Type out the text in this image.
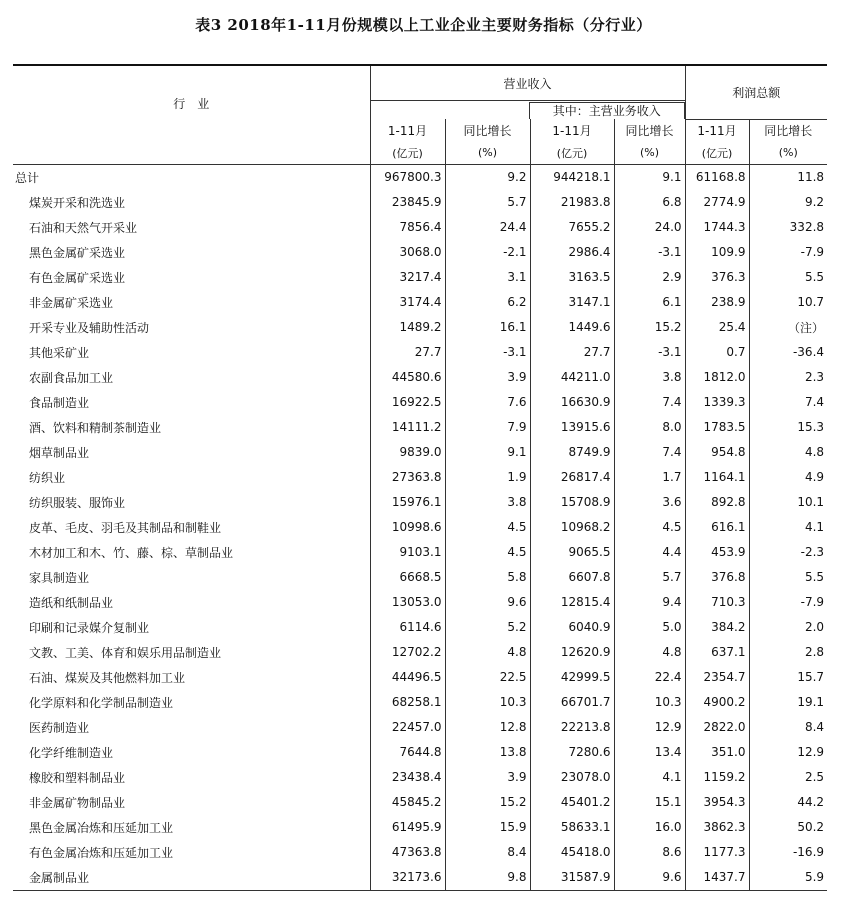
表3 2018年1-11月份规模以上工业企业主要财务指标（分行业）
行　业	营业收入				利润总额	

			其中：主营业务收入			

	1-11月	同比增长	1-11月	同比增长	1-11月	同比增长
	(亿元)	(%)	(亿元)	(%)	(亿元)	(%)
总计	967800.3	9.2	944218.1	9.1	61168.8	11.8
煤炭开采和洗选业	23845.9	5.7	21983.8	6.8	2774.9	9.2
石油和天然气开采业	7856.4	24.4	7655.2	24.0	1744.3	332.8
黑色金属矿采选业	3068.0	-2.1	2986.4	-3.1	109.9	-7.9
有色金属矿采选业	3217.4	3.1	3163.5	2.9	376.3	5.5
非金属矿采选业	3174.4	6.2	3147.1	6.1	238.9	10.7
开采专业及辅助性活动	1489.2	16.1	1449.6	15.2	25.4	（注）
其他采矿业	27.7	-3.1	27.7	-3.1	0.7	-36.4
农副食品加工业	44580.6	3.9	44211.0	3.8	1812.0	2.3
食品制造业	16922.5	7.6	16630.9	7.4	1339.3	7.4
酒、饮料和精制茶制造业	14111.2	7.9	13915.6	8.0	1783.5	15.3
烟草制品业	9839.0	9.1	8749.9	7.4	954.8	4.8
纺织业	27363.8	1.9	26817.4	1.7	1164.1	4.9
纺织服装、服饰业	15976.1	3.8	15708.9	3.6	892.8	10.1
皮革、毛皮、羽毛及其制品和制鞋业	10998.6	4.5	10968.2	4.5	616.1	4.1
木材加工和木、竹、藤、棕、草制品业	9103.1	4.5	9065.5	4.4	453.9	-2.3
家具制造业	6668.5	5.8	6607.8	5.7	376.8	5.5
造纸和纸制品业	13053.0	9.6	12815.4	9.4	710.3	-7.9
印刷和记录媒介复制业	6114.6	5.2	6040.9	5.0	384.2	2.0
文教、工美、体育和娱乐用品制造业	12702.2	4.8	12620.9	4.8	637.1	2.8
石油、煤炭及其他燃料加工业	44496.5	22.5	42999.5	22.4	2354.7	15.7
化学原料和化学制品制造业	68258.1	10.3	66701.7	10.3	4900.2	19.1
医药制造业	22457.0	12.8	22213.8	12.9	2822.0	8.4
化学纤维制造业	7644.8	13.8	7280.6	13.4	351.0	12.9
橡胶和塑料制品业	23438.4	3.9	23078.0	4.1	1159.2	2.5
非金属矿物制品业	45845.2	15.2	45401.2	15.1	3954.3	44.2
黑色金属冶炼和压延加工业	61495.9	15.9	58633.1	16.0	3862.3	50.2
有色金属冶炼和压延加工业	47363.8	8.4	45418.0	8.6	1177.3	-16.9
金属制品业	32173.6	9.8	31587.9	9.6	1437.7	5.9
